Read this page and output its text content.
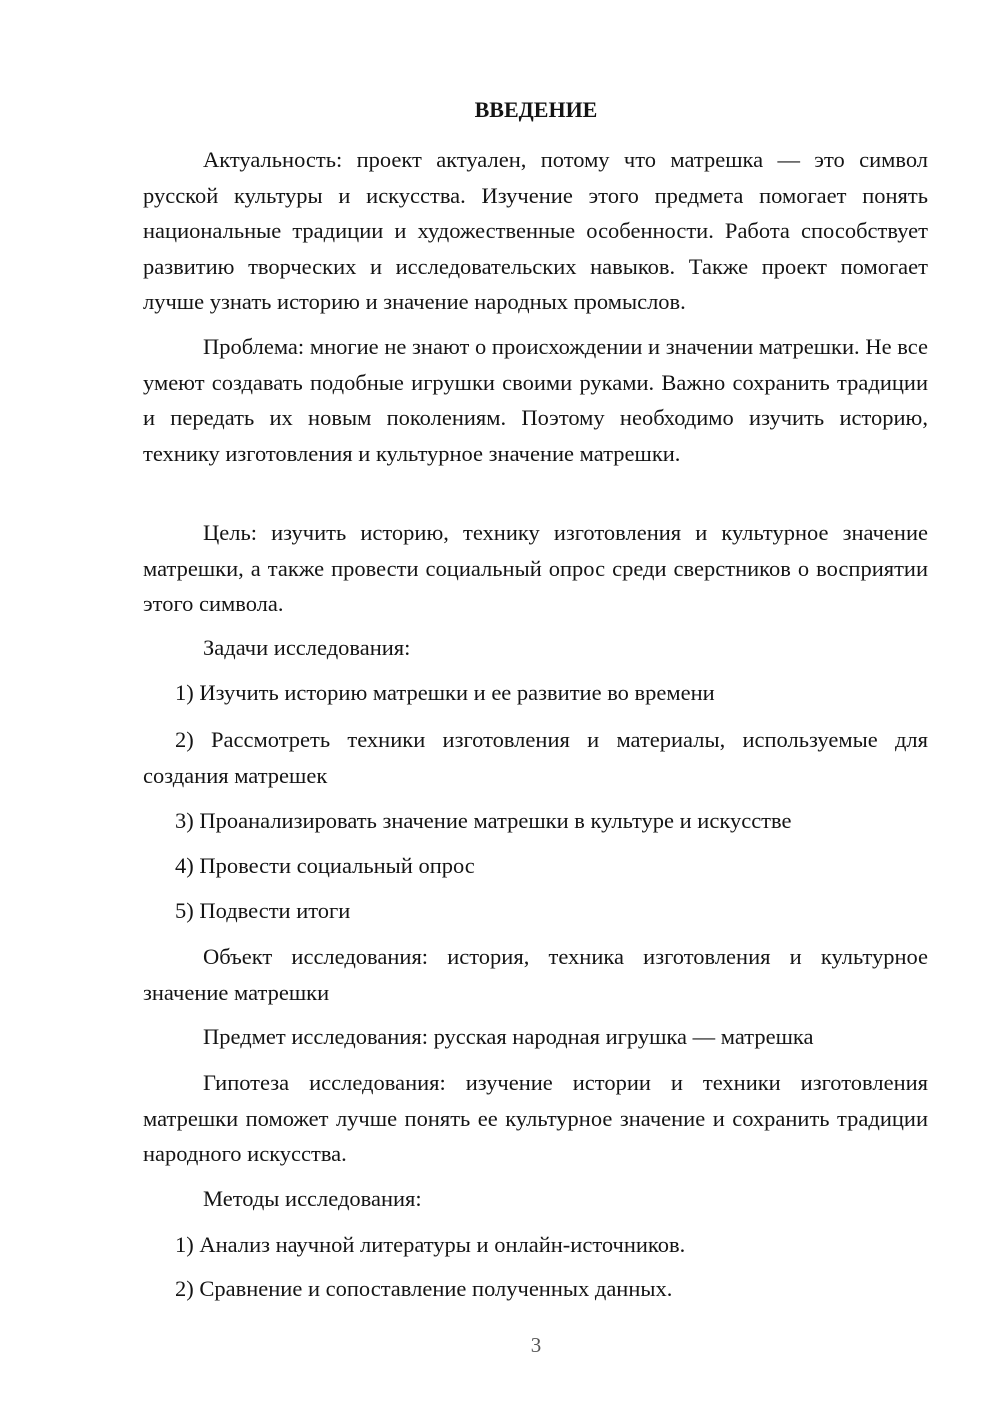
ВВЕДЕНИЕ

Актуальность: проект актуален, потому что матрешка — это символ русской культуры и искусства. Изучение этого предмета помогает понять национальные традиции и художественные особенности. Работа способствует развитию творческих и исследовательских навыков. Также проект помогает лучше узнать историю и значение народных промыслов.

Проблема: многие не знают о происхождении и значении матрешки. Не все умеют создавать подобные игрушки своими руками. Важно сохранить традиции и передать их новым поколениям. Поэтому необходимо изучить историю, технику изготовления и культурное значение матрешки.

Цель: изучить историю, технику изготовления и культурное значение матрешки, а также провести социальный опрос среди сверстников о восприятии этого символа.

Задачи исследования:

1) Изучить историю матрешки и ее развитие во времени

2) Рассмотреть техники изготовления и материалы, используемые для создания матрешек

3) Проанализировать значение матрешки в культуре и искусстве

4) Провести социальный опрос

5) Подвести итоги

Объект исследования: история, техника изготовления и культурное значение матрешки

Предмет исследования: русская народная игрушка — матрешка

Гипотеза исследования: изучение истории и техники изготовления матрешки поможет лучше понять ее культурное значение и сохранить традиции народного искусства.

Методы исследования:

1) Анализ научной литературы и онлайн-источников.

2) Сравнение и сопоставление полученных данных.

3
